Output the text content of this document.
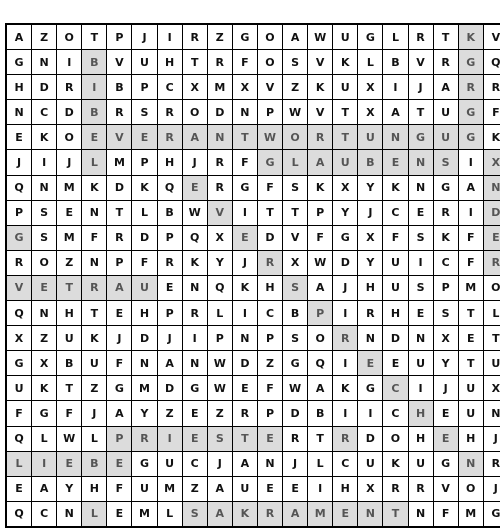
A	Z	O	T	P	J	I	R	Z	G	O	A	W	U	G	L	R	T	K	V
G	N	I	B	V	U	H	T	R	F	O	S	V	K	L	B	V	R	G	Q
H	D	R	I	B	P	C	X	M	X	V	Z	K	U	X	I	J	A	R	R
N	C	D	B	R	S	R	O	D	N	P	W	V	T	X	A	T	U	G	F
E	K	O	E	V	E	R	A	N	T	W	O	R	T	U	N	G	U	G	K
J	I	J	L	M	P	H	J	R	F	G	L	A	U	B	E	N	S	I	X
Q	N	M	K	D	K	Q	E	R	G	F	S	K	X	Y	K	N	G	A	N
P	S	E	N	T	L	B	W	V	I	T	T	P	Y	J	C	E	R	I	D
G	S	M	F	R	D	P	Q	X	E	D	V	F	G	X	F	S	K	F	E
R	O	Z	N	P	F	R	K	Y	J	R	X	W	D	Y	U	I	C	F	R
V	E	T	R	A	U	E	N	Q	K	H	S	A	J	H	U	S	P	M	O
Q	N	H	T	E	H	P	R	L	I	C	B	P	I	R	H	E	S	T	L
X	Z	U	K	J	D	J	I	P	N	P	S	O	R	N	D	N	X	E	T
G	X	B	U	F	N	A	N	W	D	Z	G	Q	I	E	E	U	Y	T	U
U	K	T	Z	G	M	D	G	W	E	F	W	A	K	G	C	I	J	U	X
F	G	F	J	A	Y	Z	E	Z	R	P	D	B	I	I	C	H	E	U	N
Q	L	W	L	P	R	I	E	S	T	E	R	T	R	D	O	H	E	H	J
L	I	E	B	E	G	U	C	J	A	N	J	L	C	U	K	U	G	N	R
E	A	Y	H	F	U	M	Z	A	U	E	E	I	H	X	R	R	V	O	J
Q	C	N	L	E	M	L	S	A	K	R	A	M	E	N	T	N	F	M	G
